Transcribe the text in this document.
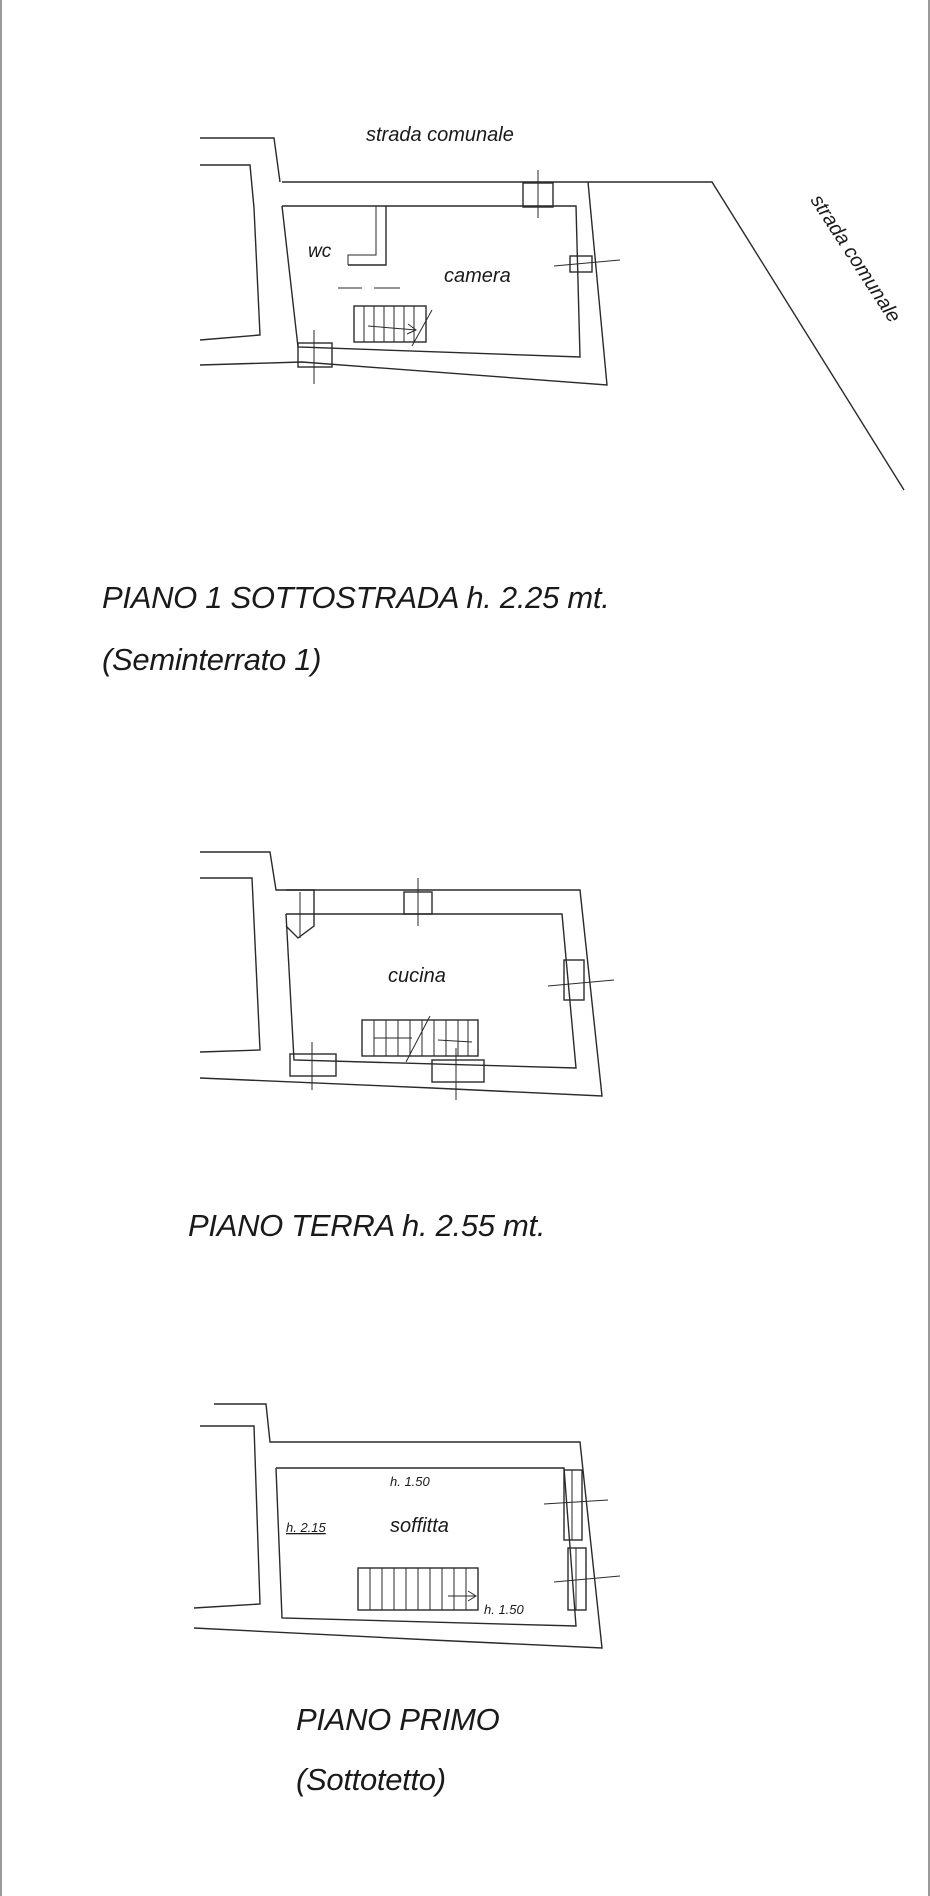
strada comunale
strada comunale
wc
camera
PIANO 1 SOTTOSTRADA h. 2.25 mt.
(Seminterrato 1)
cucina
PIANO TERRA h. 2.55 mt.
h. 1.50
h. 2.15
h. 1.50
soffitta
PIANO PRIMO
(Sottotetto)
